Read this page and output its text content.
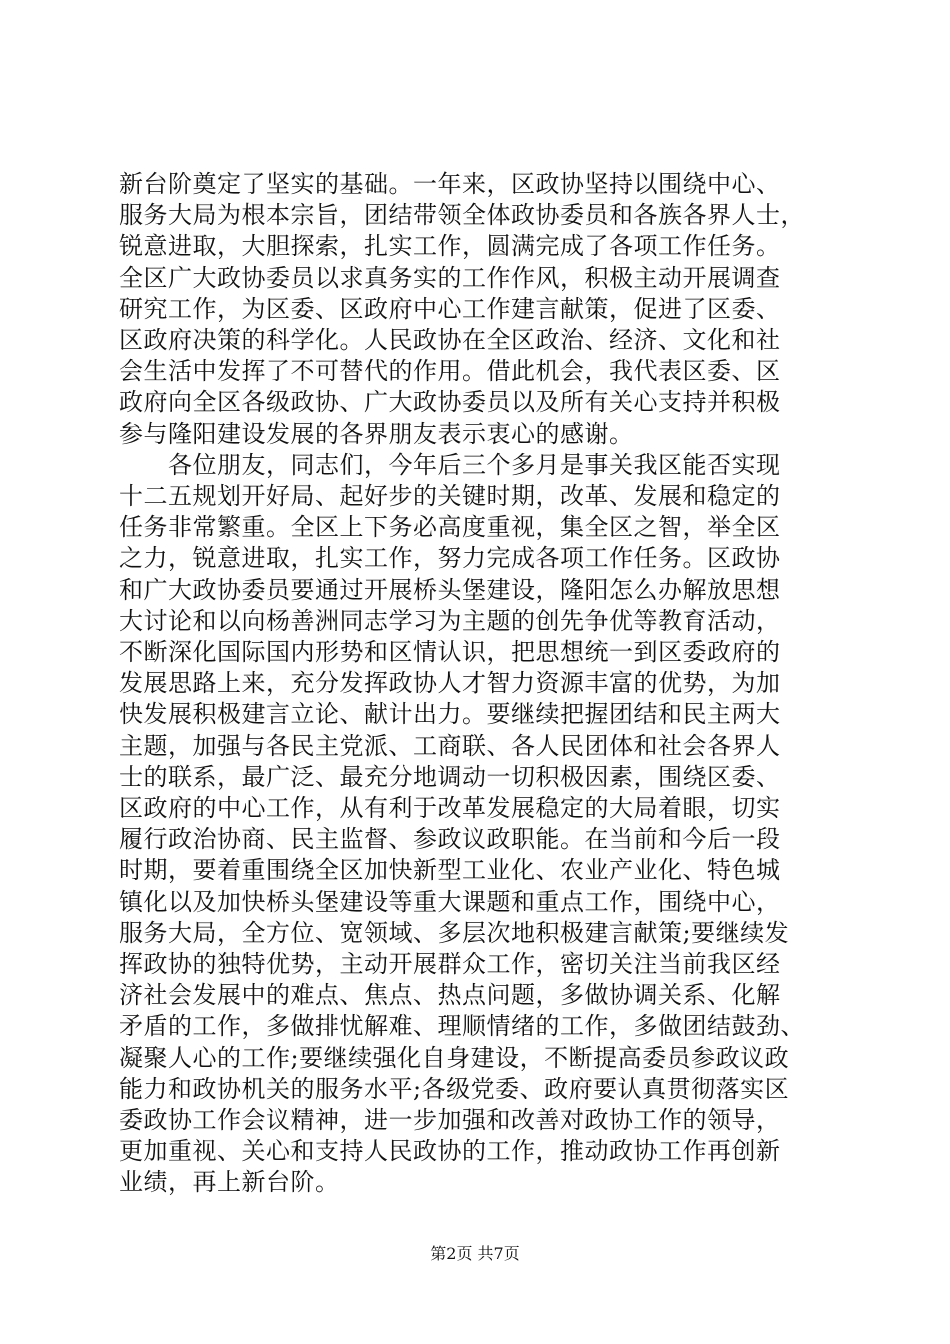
新台阶奠定了坚实的基础。一年来，区政协坚持以围绕中心、
服务大局为根本宗旨，团结带领全体政协委员和各族各界人士，
锐意进取，大胆探索，扎实工作，圆满完成了各项工作任务。
全区广大政协委员以求真务实的工作作风，积极主动开展调查
研究工作，为区委、区政府中心工作建言献策，促进了区委、
区政府决策的科学化。人民政协在全区政治、经济、文化和社
会生活中发挥了不可替代的作用。借此机会，我代表区委、区
政府向全区各级政协、广大政协委员以及所有关心支持并积极
参与隆阳建设发展的各界朋友表示衷心的感谢。
各位朋友，同志们，今年后三个多月是事关我区能否实现
十二五规划开好局、起好步的关键时期，改革、发展和稳定的
任务非常繁重。全区上下务必高度重视，集全区之智，举全区
之力，锐意进取，扎实工作，努力完成各项工作任务。区政协
和广大政协委员要通过开展桥头堡建设，隆阳怎么办解放思想
大讨论和以向杨善洲同志学习为主题的创先争优等教育活动，
不断深化国际国内形势和区情认识，把思想统一到区委政府的
发展思路上来，充分发挥政协人才智力资源丰富的优势，为加
快发展积极建言立论、献计出力。要继续把握团结和民主两大
主题，加强与各民主党派、工商联、各人民团体和社会各界人
士的联系，最广泛、最充分地调动一切积极因素，围绕区委、
区政府的中心工作，从有利于改革发展稳定的大局着眼，切实
履行政治协商、民主监督、参政议政职能。在当前和今后一段
时期，要着重围绕全区加快新型工业化、农业产业化、特色城
镇化以及加快桥头堡建设等重大课题和重点工作，围绕中心，
服务大局，全方位、宽领域、多层次地积极建言献策;要继续发
挥政协的独特优势，主动开展群众工作，密切关注当前我区经
济社会发展中的难点、焦点、热点问题，多做协调关系、化解
矛盾的工作，多做排忧解难、理顺情绪的工作，多做团结鼓劲、
凝聚人心的工作;要继续强化自身建设，不断提高委员参政议政
能力和政协机关的服务水平;各级党委、政府要认真贯彻落实区
委政协工作会议精神，进一步加强和改善对政协工作的领导，
更加重视、关心和支持人民政协的工作，推动政协工作再创新
业绩，再上新台阶。
第2页 共7页
